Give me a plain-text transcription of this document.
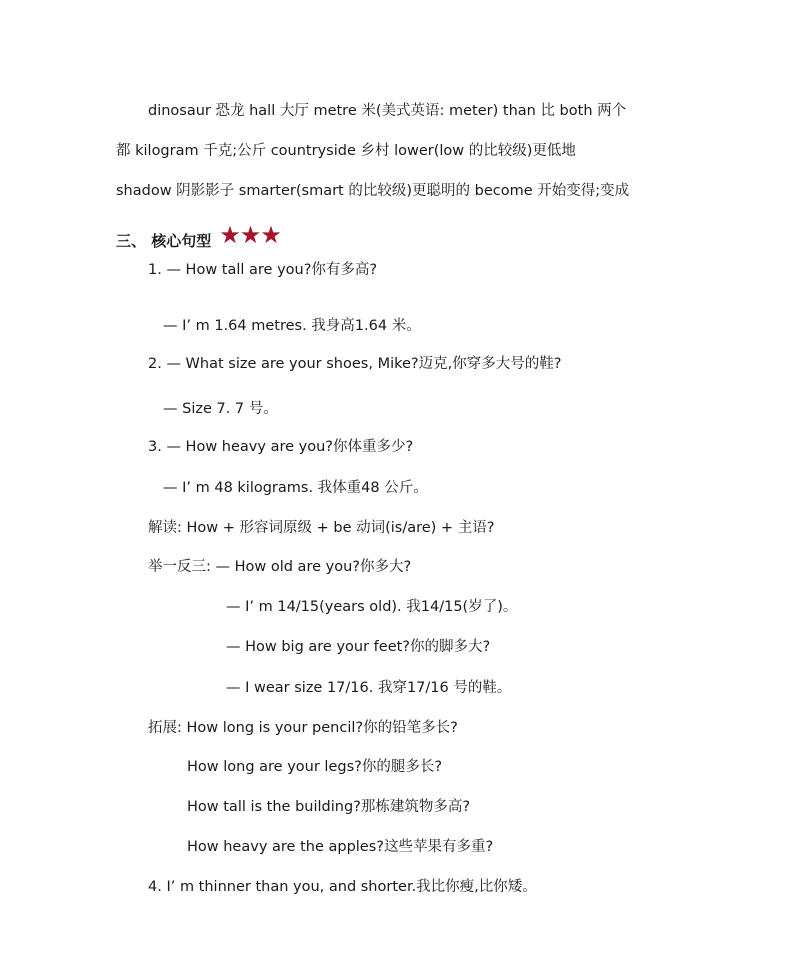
dinosaur 恐龙 hall 大厅 metre 米(美式英语: meter) than 比 both 两个
都 kilogram 千克;公斤 countryside 乡村 lower(low 的比较级)更低地
shadow 阴影影子 smarter(smart 的比较级)更聪明的 become 开始变得;变成
三、 核心句型 ★★★
1. — How tall are you?你有多高?
— I’ m 1.64 metres. 我身高1.64 米。
2. — What size are your shoes, Mike?迈克,你穿多大号的鞋?
— Size 7. 7 号。
3. — How heavy are you?你体重多少?
— I’ m 48 kilograms. 我体重48 公斤。
解读: How + 形容词原级 + be 动词(is/are) + 主语?
举一反三: — How old are you?你多大?
— I’ m 14/15(years old). 我14/15(岁了)。
— How big are your feet?你的脚多大?
— I wear size 17/16. 我穿17/16 号的鞋。
拓展: How long is your pencil?你的铅笔多长?
How long are your legs?你的腿多长?
How tall is the building?那栋建筑物多高?
How heavy are the apples?这些苹果有多重?
4. I’ m thinner than you, and shorter.我比你瘦,比你矮。
